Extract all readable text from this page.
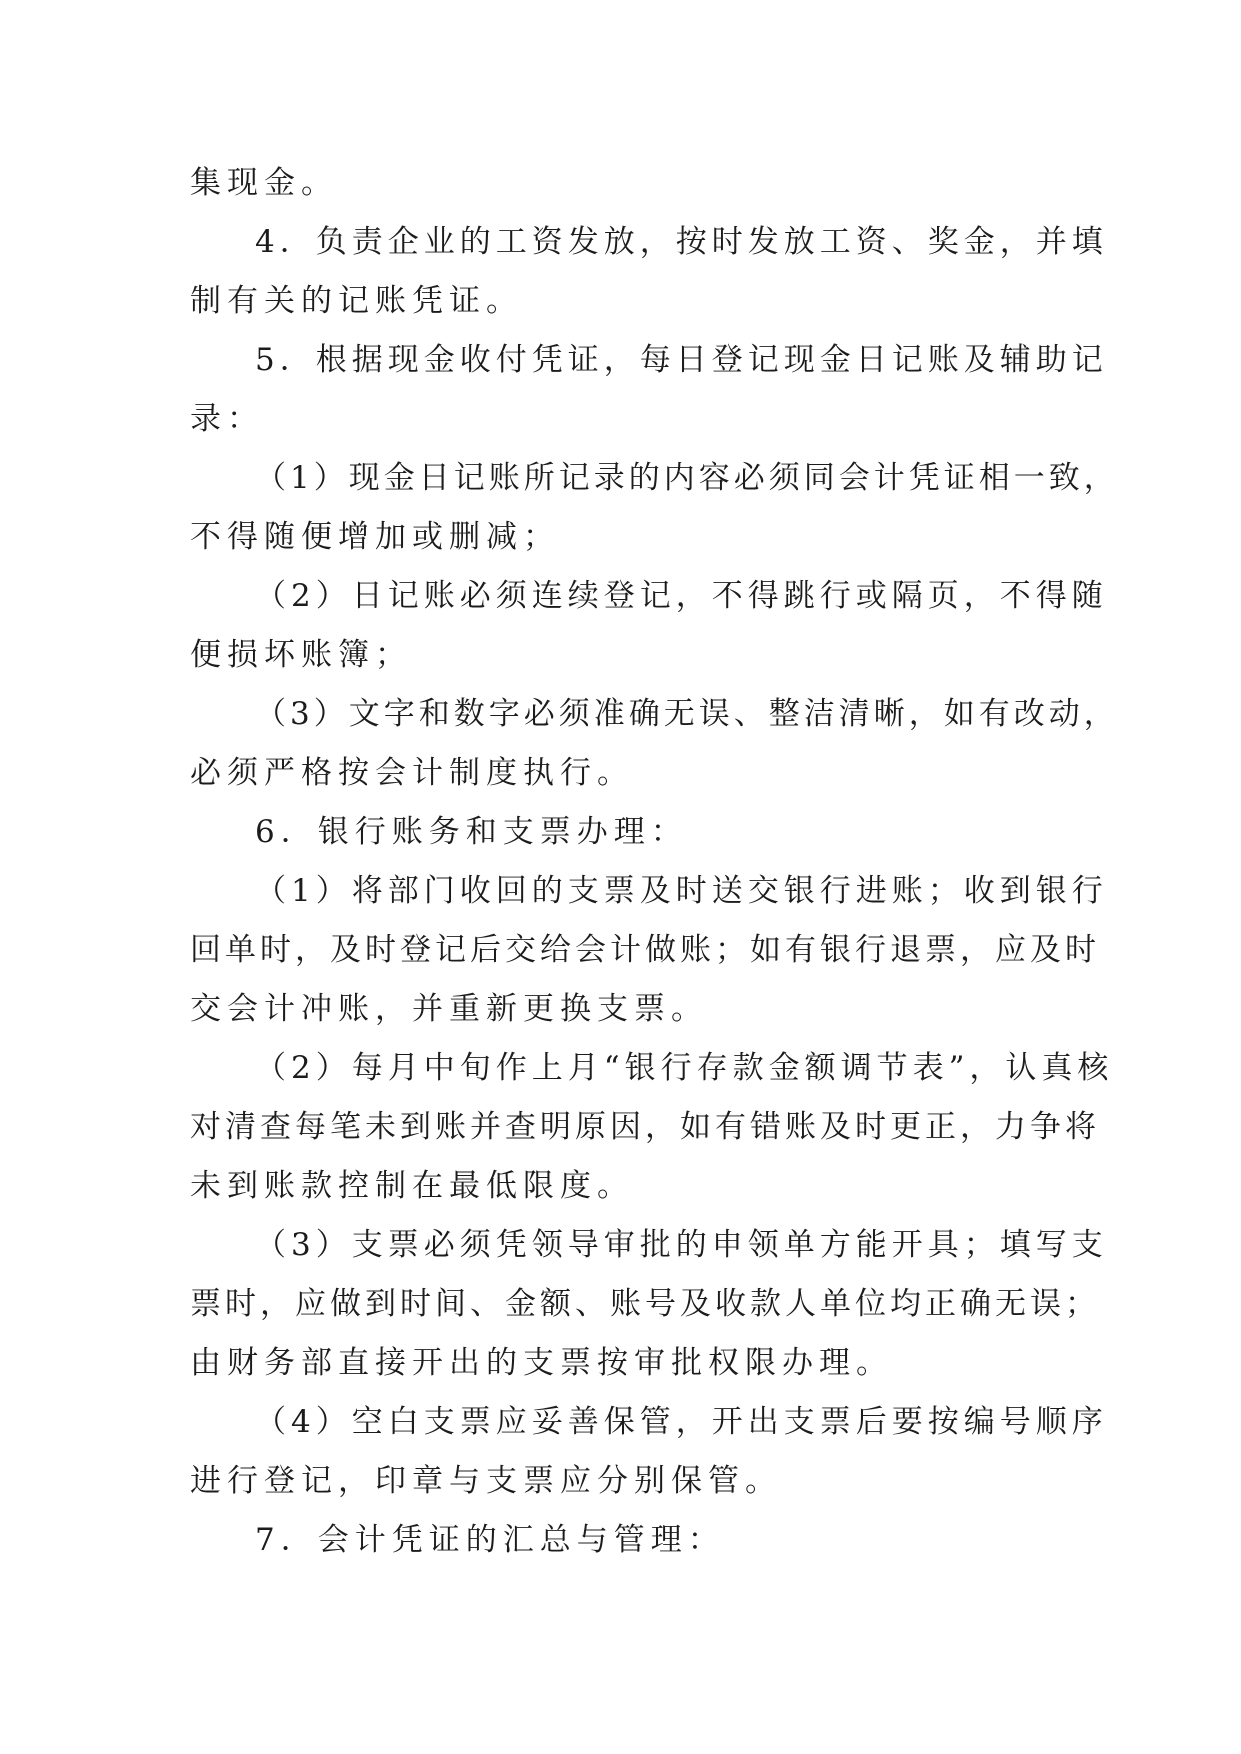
集现金。
4．负责企业的工资发放，按时发放工资、奖金，并填
制有关的记账凭证。
5．根据现金收付凭证，每日登记现金日记账及辅助记
录：
（1）现金日记账所记录的内容必须同会计凭证相一致，
不得随便增加或删减；
（2）日记账必须连续登记，不得跳行或隔页，不得随
便损坏账簿；
（3）文字和数字必须准确无误、整洁清晰，如有改动，
必须严格按会计制度执行。
6．银行账务和支票办理：
（1）将部门收回的支票及时送交银行进账；收到银行
回单时，及时登记后交给会计做账；如有银行退票，应及时
交会计冲账，并重新更换支票。
（2）每月中旬作上月“银行存款金额调节表”，认真核
对清查每笔未到账并查明原因，如有错账及时更正，力争将
未到账款控制在最低限度。
（3）支票必须凭领导审批的申领单方能开具；填写支
票时，应做到时间、金额、账号及收款人单位均正确无误；
由财务部直接开出的支票按审批权限办理。
（4）空白支票应妥善保管，开出支票后要按编号顺序
进行登记，印章与支票应分别保管。
7．会计凭证的汇总与管理：
